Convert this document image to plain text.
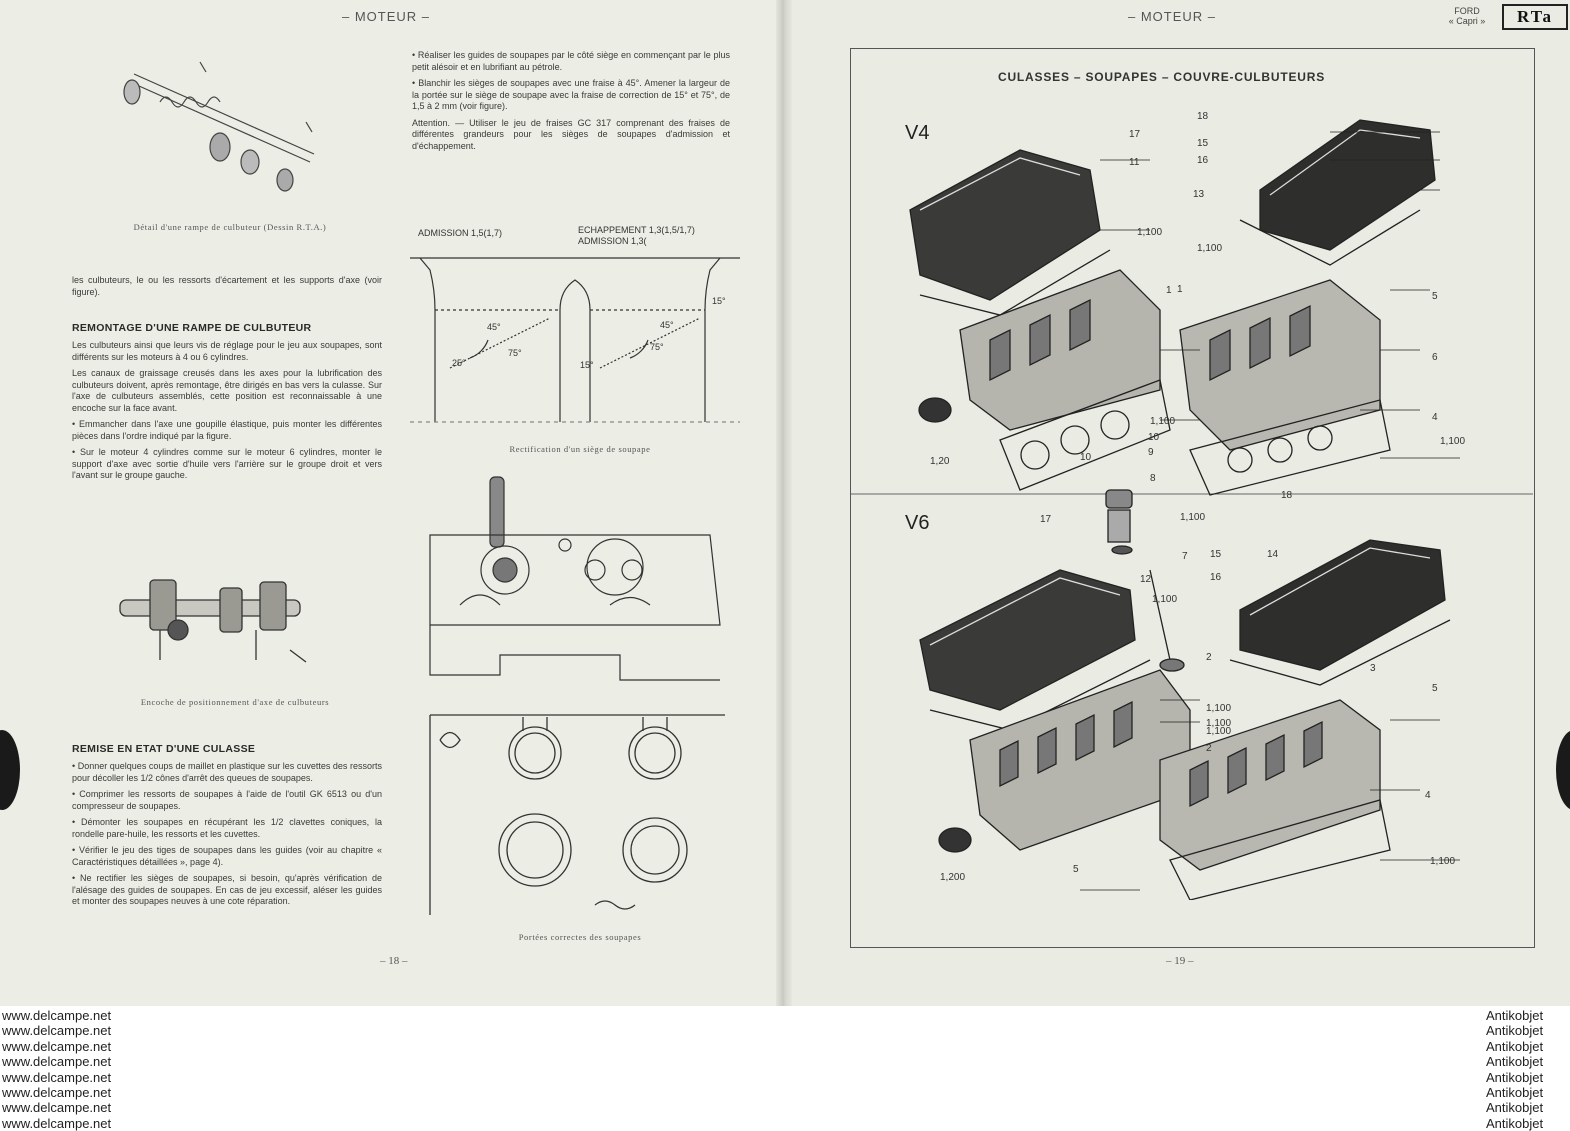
– MOTEUR –
Détail d'une rampe de culbuteur (Dessin R.T.A.)
les culbuteurs, le ou les ressorts d'écartement et les supports d'axe (voir figure).
REMONTAGE D'UNE RAMPE DE CULBUTEUR

Les culbuteurs ainsi que leurs vis de réglage pour le jeu aux soupapes, sont différents sur les moteurs à 4 ou 6 cylindres.

Les canaux de graissage creusés dans les axes pour la lubrification des culbuteurs doivent, après remontage, être dirigés en bas vers la culasse. Sur l'axe de culbuteurs assemblés, cette position est reconnaissable à une encoche sur la face avant.

• Emmancher dans l'axe une goupille élastique, puis monter les différentes pièces dans l'ordre indiqué par la figure.

• Sur le moteur 4 cylindres comme sur le moteur 6 cylindres, monter le support d'axe avec sortie d'huile vers l'arrière sur le groupe droit et vers l'avant sur le groupe gauche.

Encoche de positionnement d'axe de culbuteurs
REMISE EN ETAT D'UNE CULASSE

• Donner quelques coups de maillet en plastique sur les cuvettes des ressorts pour décoller les 1/2 cônes d'arrêt des queues de soupapes.

• Comprimer les ressorts de soupapes à l'aide de l'outil GK 6513 ou d'un compresseur de soupapes.

• Démonter les soupapes en récupérant les 1/2 clavettes coniques, la rondelle pare-huile, les ressorts et les cuvettes.

• Vérifier le jeu des tiges de soupapes dans les guides (voir au chapitre « Caractéristiques détaillées », page 4).

• Ne rectifier les sièges de soupapes, si besoin, qu'après vérification de l'alésage des guides de soupapes. En cas de jeu excessif, aléser les guides et monter des soupapes neuves à une cote réparation.

• Réaliser les guides de soupapes par le côté siège en commençant par le plus petit alésoir et en lubrifiant au pétrole.

• Blanchir les sièges de soupapes avec une fraise à 45°. Amener la largeur de la portée sur le siège de soupape avec la fraise de correction de 15° et 75°, de 1,5 à 2 mm (voir figure).

Attention. — Utiliser le jeu de fraises GC 317 comprenant des fraises de différentes grandeurs pour les sièges de soupapes d'admission et d'échappement.

ADMISSION 1,5(1,7)	ECHAPPEMENT 1,3(1,5/1,7)
ADMISSION 1,3(
25°
45°
75°
15°
45°
75°
15°
Rectification d'un siège de soupape
Portées correctes des soupapes
– 18 –
– MOTEUR –	FORD
« Capri »	RTa
CULASSES – SOUPAPES – COUVRE-CULBUTEURS
V4
V6
17
11
1,100
1
1,100
10
9
10
1,20
18
15
16
13
1,100
1
5
6
4
1,100
8
1,100
7
17
12
1,100
2
1,100
1,100
1,200
5
18
15
16
14
3
5
1,100
2
4
1,100
– 19 –
www.delcampe.net
www.delcampe.net
www.delcampe.net
www.delcampe.net
www.delcampe.net
www.delcampe.net
www.delcampe.net
www.delcampe.net
Antikobjet
Antikobjet
Antikobjet
Antikobjet
Antikobjet
Antikobjet
Antikobjet
Antikobjet
